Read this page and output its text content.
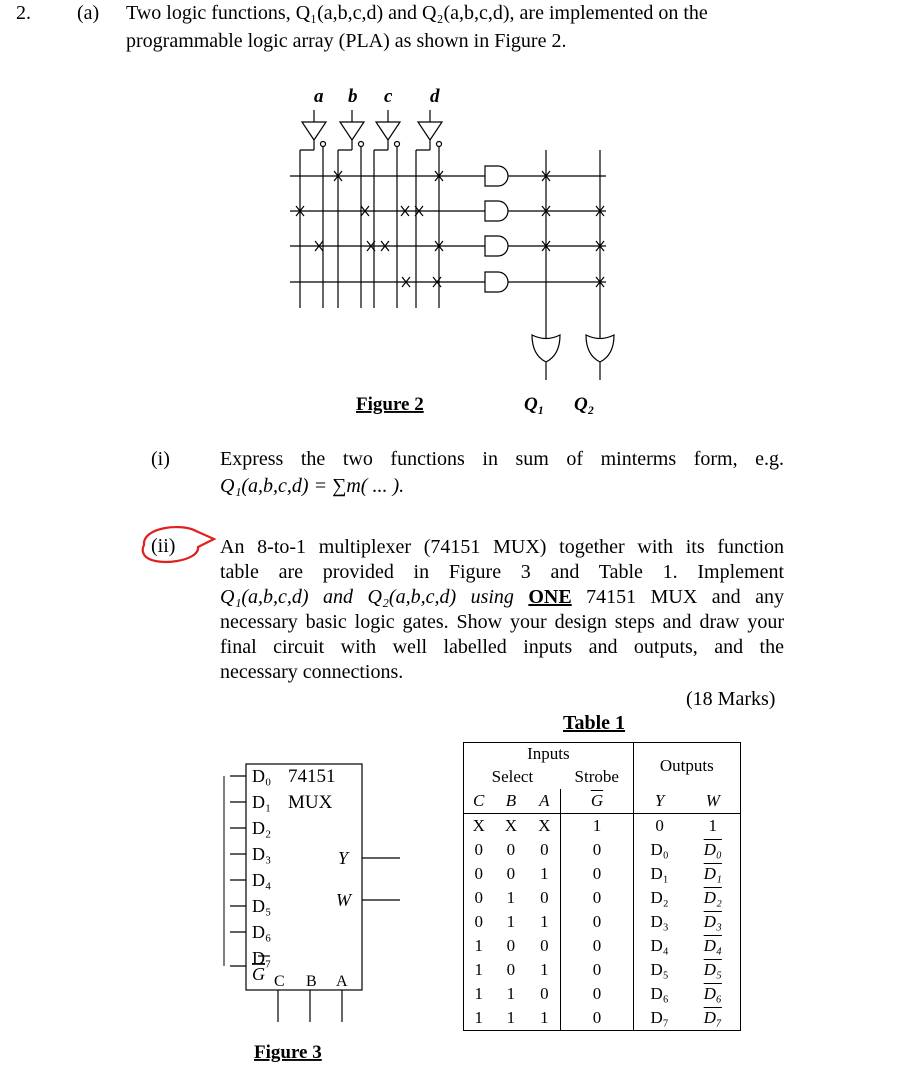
2. (a) Two logic functions, Q₁(a,b,c,d) and Q₂(a,b,c,d), are implemented on the
programmable logic array (PLA) as shown in Figure 2.
a b c d
Figure 2	Q₁ Q₂
(i)	Express the two functions in sum of minterms form, e.g.
Q₁(a,b,c,d) = ∑m( ... ).
(ii) An 8-to-1 multiplexer (74151 MUX) together with its function
table are provided in Figure 3 and Table 1. Implement
Q₁(a,b,c,d) and Q₂(a,b,c,d) using ONE 74151 MUX and any
necessary basic logic gates. Show your design steps and draw your
final circuit with well labelled inputs and outputs, and the
necessary connections.
(18 Marks)
D₀
D₁
D₂
D₃
D₄
D₅
D₆
D₇
G
74151
MUX
Y
W
C B A
Figure 3
Table 1
Inputs				Outputs	
Select			Strobe		
C	B	A	$\overline{G}$	Y	W
X	X	X	1	0	1
0	0	0	0	D₀	D₀
0	0	1	0	D₁	D₁
0	1	0	0	D₂	D₂
0	1	1	0	D₃	D₃
1	0	0	0	D₄	D₄
1	0	1	0	D₅	D₅
1	1	0	0	D₆	D₆
1	1	1	0	D₇	D₇
